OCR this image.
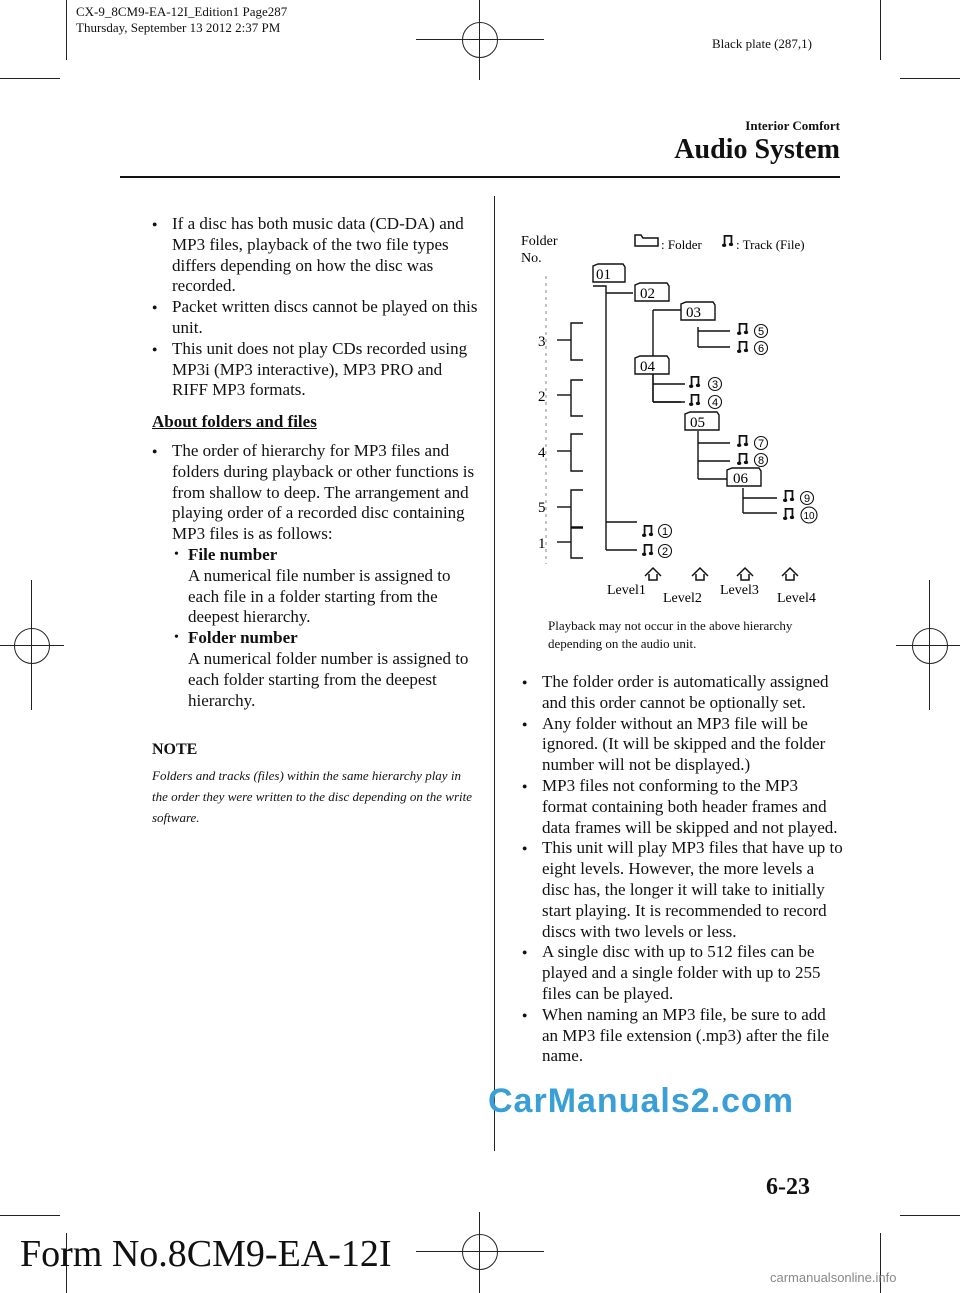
CX-9_8CM9-EA-12I_Edition1 Page287
Thursday, September 13 2012 2:37 PM
Black plate (287,1)
Interior Comfort
Audio System
● If a disc has both music data (CD-DA) and MP3 files, playback of the two file types differs depending on how the disc was recorded.
● Packet written discs cannot be played on this unit.
● This unit does not play CDs recorded using MP3i (MP3 interactive), MP3 PRO and RIFF MP3 formats.
About folders and files
● The order of hierarchy for MP3 files and folders during playback or other functions is from shallow to deep. The arrangement and playing order of a recorded disc containing MP3 files is as follows:
• File number
A numerical file number is assigned to each file in a folder starting from the deepest hierarchy.
• Folder number
A numerical folder number is assigned to each folder starting from the deepest hierarchy.
NOTE
Folders and tracks (files) within the same hierarchy play in the order they were written to the disc depending on the write software.
Folder
No.
: Folder	: Track (File)
3
2
4
5
1
01
02
03
04
05
06
5
6
3
4
7
8
9
10
1
2
Level1
Level2
Level3
Level4
Playback may not occur in the above hierarchy depending on the audio unit.
● The folder order is automatically assigned and this order cannot be optionally set.
● Any folder without an MP3 file will be ignored. (It will be skipped and the folder number will not be displayed.)
● MP3 files not conforming to the MP3 format containing both header frames and data frames will be skipped and not played.
● This unit will play MP3 files that have up to eight levels. However, the more levels a disc has, the longer it will take to initially start playing. It is recommended to record discs with two levels or less.
● A single disc with up to 512 files can be played and a single folder with up to 255 files can be played.
● When naming an MP3 file, be sure to add an MP3 file extension (.mp3) after the file name.
CarManuals2.com
6-23
Form No.8CM9-EA-12I
carmanualsonline.info
